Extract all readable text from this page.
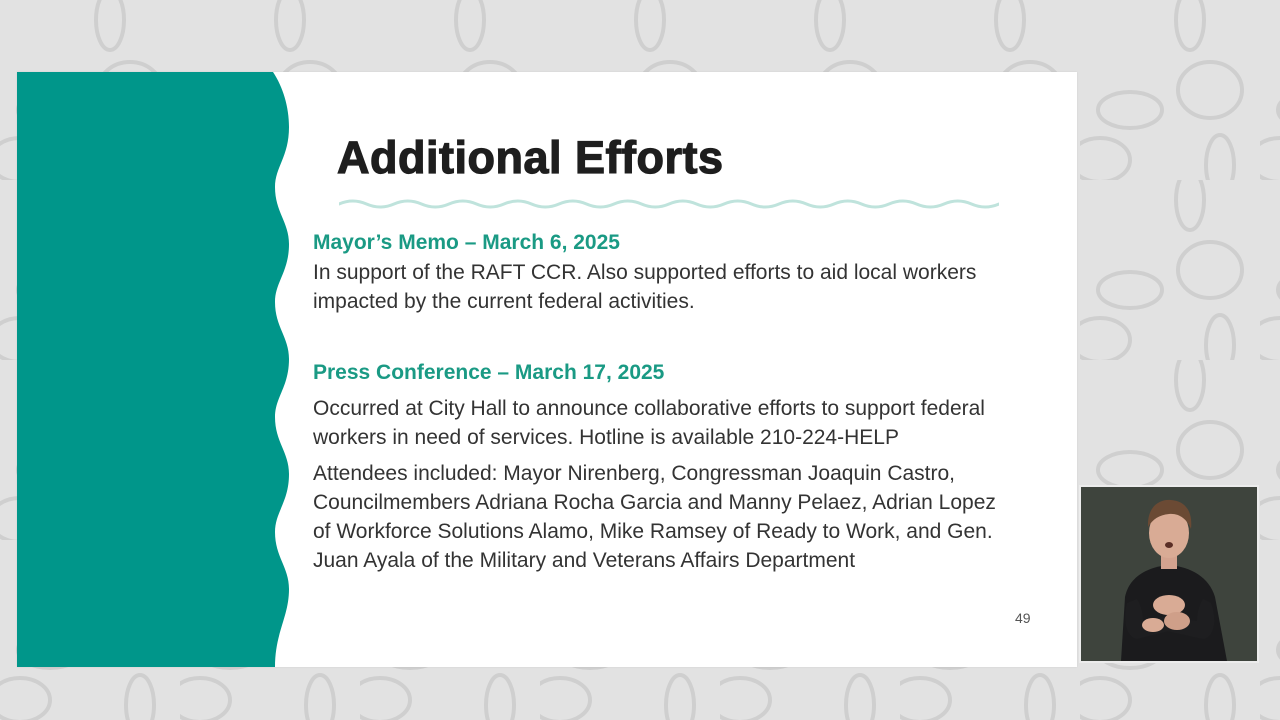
Additional Efforts

Mayor’s Memo – March 6, 2025

In support of the RAFT CCR. Also supported efforts to aid local workers impacted by the current federal activities.

Press Conference – March 17, 2025

Occurred at City Hall to announce collaborative efforts to support federal workers in need of services. Hotline is available 210-224-HELP

Attendees included: Mayor Nirenberg, Congressman Joaquin Castro, Councilmembers Adriana Rocha Garcia and Manny Pelaez, Adrian Lopez of Workforce Solutions Alamo, Mike Ramsey of Ready to Work, and Gen. Juan Ayala of the Military and Veterans Affairs Department

49
